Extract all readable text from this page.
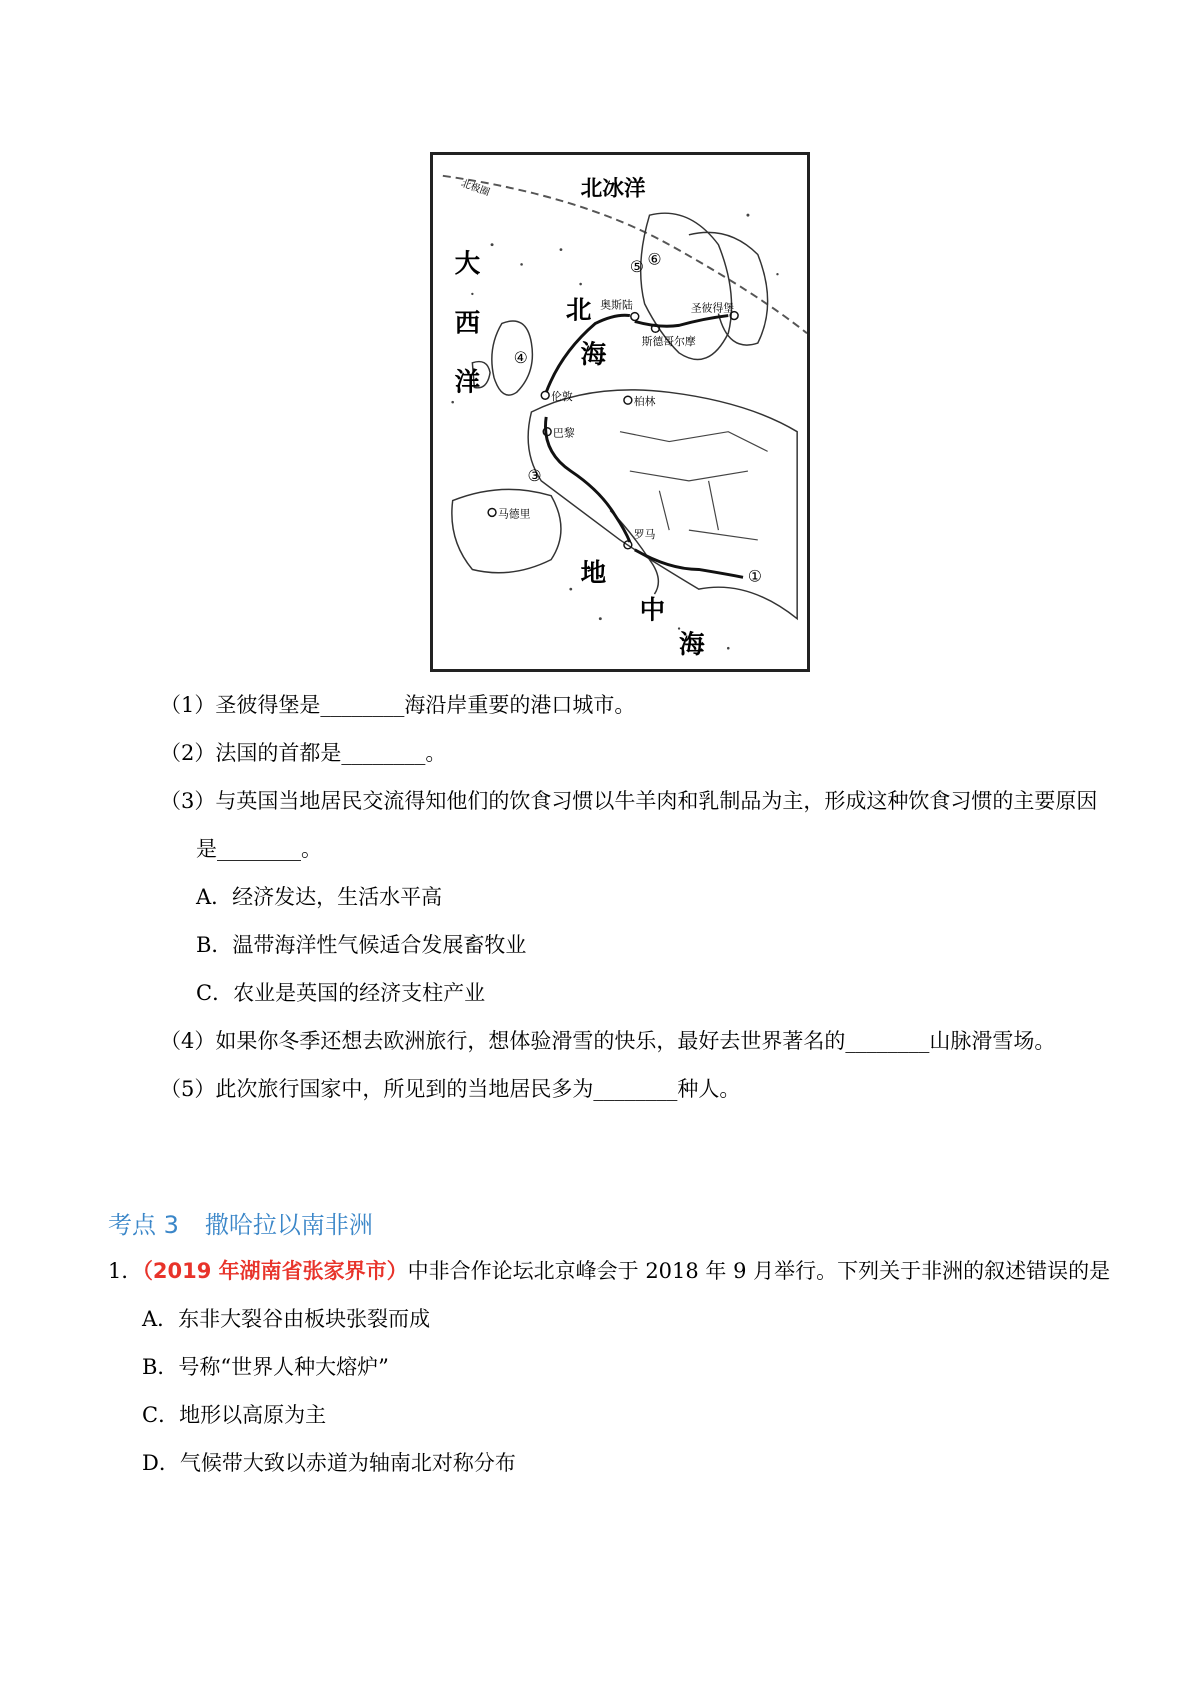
北冰洋
大
西
洋
北
海
地
中
海
北极圈
奥斯陆	圣彼得堡
斯德哥尔摩
伦敦	柏林
巴黎
马德里
罗马
①
③
④
⑤ ⑥
（1）圣彼得堡是________海沿岸重要的港口城市。
（2）法国的首都是________。
（3）与英国当地居民交流得知他们的饮食习惯以牛羊肉和乳制品为主，形成这种饮食习惯的主要原因
是________。
A．经济发达，生活水平高
B．温带海洋性气候适合发展畜牧业
C．农业是英国的经济支柱产业
（4）如果你冬季还想去欧洲旅行，想体验滑雪的快乐，最好去世界著名的________山脉滑雪场。
（5）此次旅行国家中，所见到的当地居民多为________种人。
考点 3 撒哈拉以南非洲
1．（2019 年湖南省张家界市）中非合作论坛北京峰会于 2018 年 9 月举行。下列关于非洲的叙述错误的是
A．东非大裂谷由板块张裂而成
B．号称“世界人种大熔炉”
C．地形以高原为主
D．气候带大致以赤道为轴南北对称分布
